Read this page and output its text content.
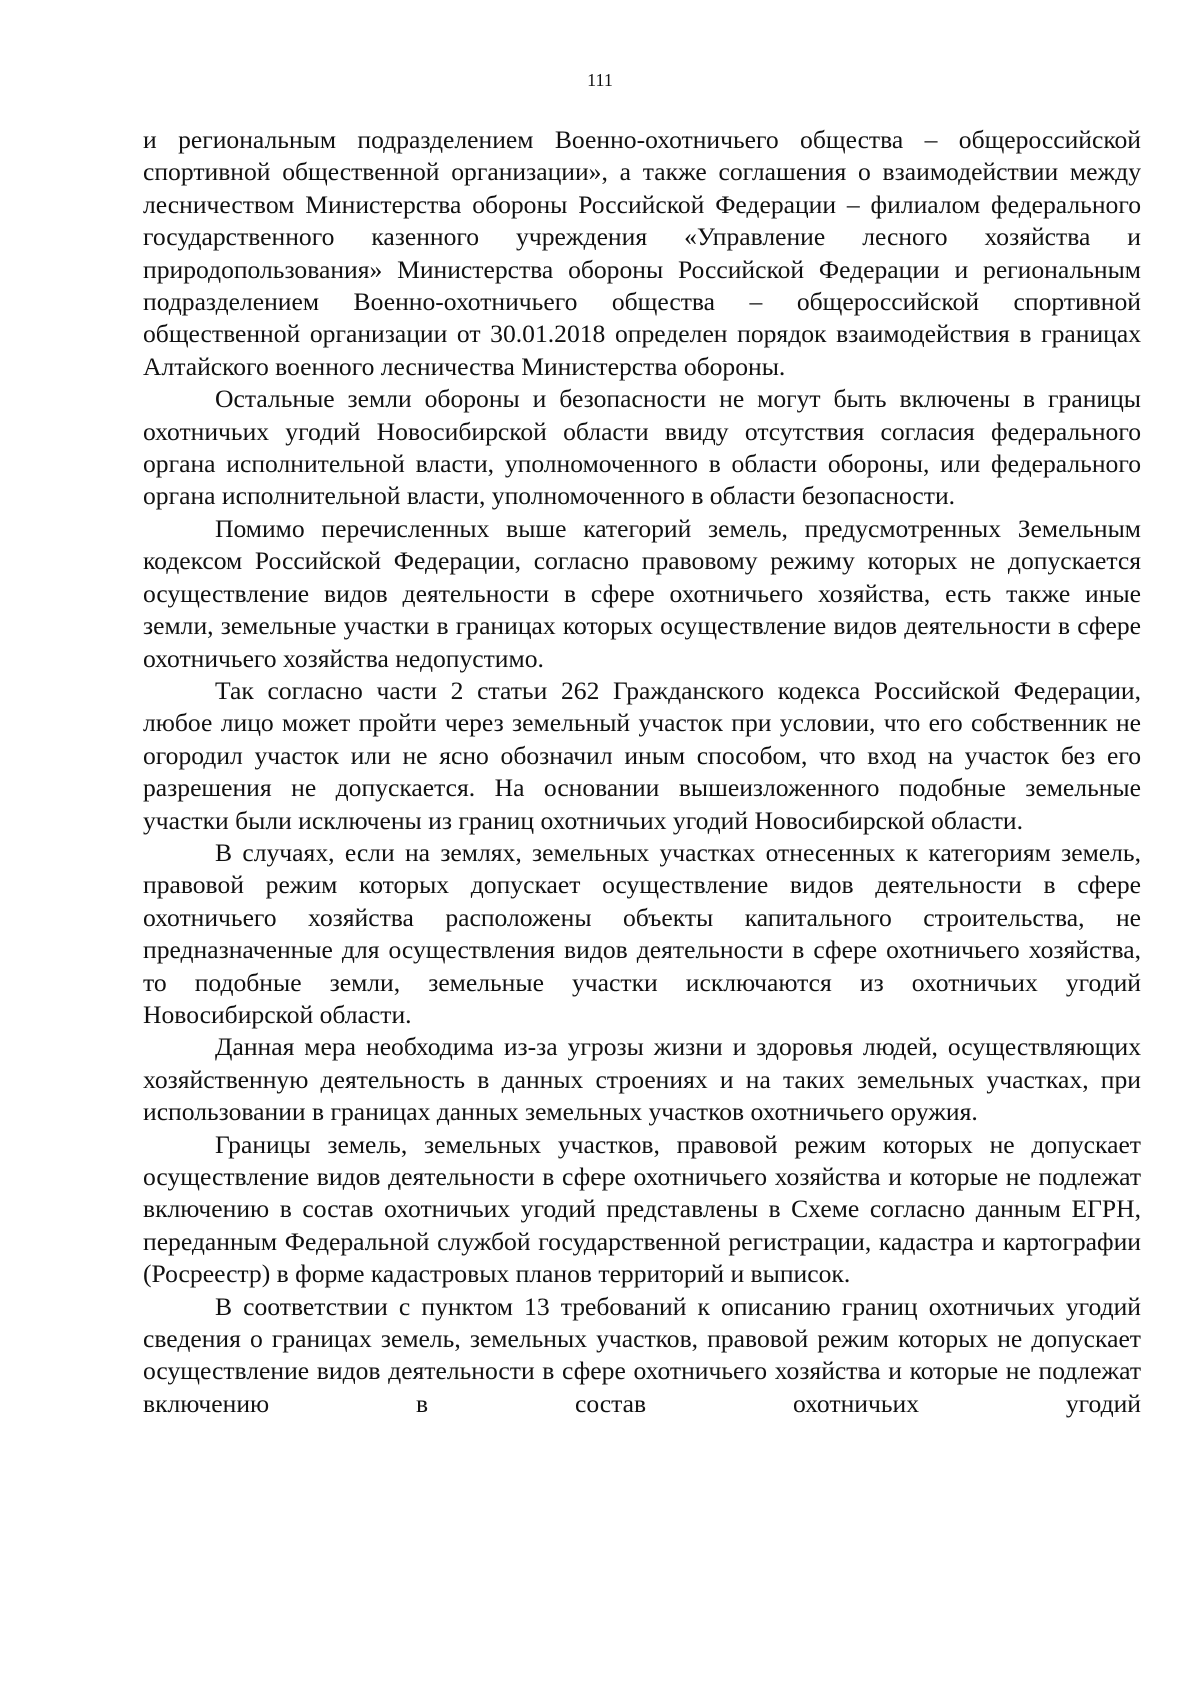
111

и региональным подразделением Военно-охотничьего общества – общероссийской спортивной общественной организации», а также соглашения о взаимодействии между лесничеством Министерства обороны Российской Федерации – филиалом федерального государственного казенного учреждения «Управление лесного хозяйства и природопользования» Министерства обороны Российской Федерации и региональным подразделением Военно-охотничьего общества – общероссийской спортивной общественной организации от 30.01.2018 определен порядок взаимодействия в границах Алтайского военного лесничества Министерства обороны.

Остальные земли обороны и безопасности не могут быть включены в границы охотничьих угодий Новосибирской области ввиду отсутствия согласия федерального органа исполнительной власти, уполномоченного в области обороны, или федерального органа исполнительной власти, уполномоченного в области безопасности.

Помимо перечисленных выше категорий земель, предусмотренных Земельным кодексом Российской Федерации, согласно правовому режиму которых не допускается осуществление видов деятельности в сфере охотничьего хозяйства, есть также иные земли, земельные участки в границах которых осуществление видов деятельности в сфере охотничьего хозяйства недопустимо.

Так согласно части 2 статьи 262 Гражданского кодекса Российской Федерации, любое лицо может пройти через земельный участок при условии, что его собственник не огородил участок или не ясно обозначил иным способом, что вход на участок без его разрешения не допускается. На основании вышеизложенного подобные земельные участки были исключены из границ охотничьих угодий Новосибирской области.

В случаях, если на землях, земельных участках отнесенных к категориям земель, правовой режим которых допускает осуществление видов деятельности в сфере охотничьего хозяйства расположены объекты капитального строительства, не предназначенные для осуществления видов деятельности в сфере охотничьего хозяйства, то подобные земли, земельные участки исключаются из охотничьих угодий Новосибирской области.

Данная мера необходима из-за угрозы жизни и здоровья людей, осуществляющих хозяйственную деятельность в данных строениях и на таких земельных участках, при использовании в границах данных земельных участков охотничьего оружия.

Границы земель, земельных участков, правовой режим которых не допускает осуществление видов деятельности в сфере охотничьего хозяйства и которые не подлежат включению в состав охотничьих угодий представлены в Схеме согласно данным ЕГРН, переданным Федеральной службой государственной регистрации, кадастра и картографии (Росреестр) в форме кадастровых планов территорий и выписок.

В соответствии с пунктом 13 требований к описанию границ охотничьих угодий сведения о границах земель, земельных участков, правовой режим которых не допускает осуществление видов деятельности в сфере охотничьего хозяйства и которые не подлежат включению в состав охотничьих угодий
